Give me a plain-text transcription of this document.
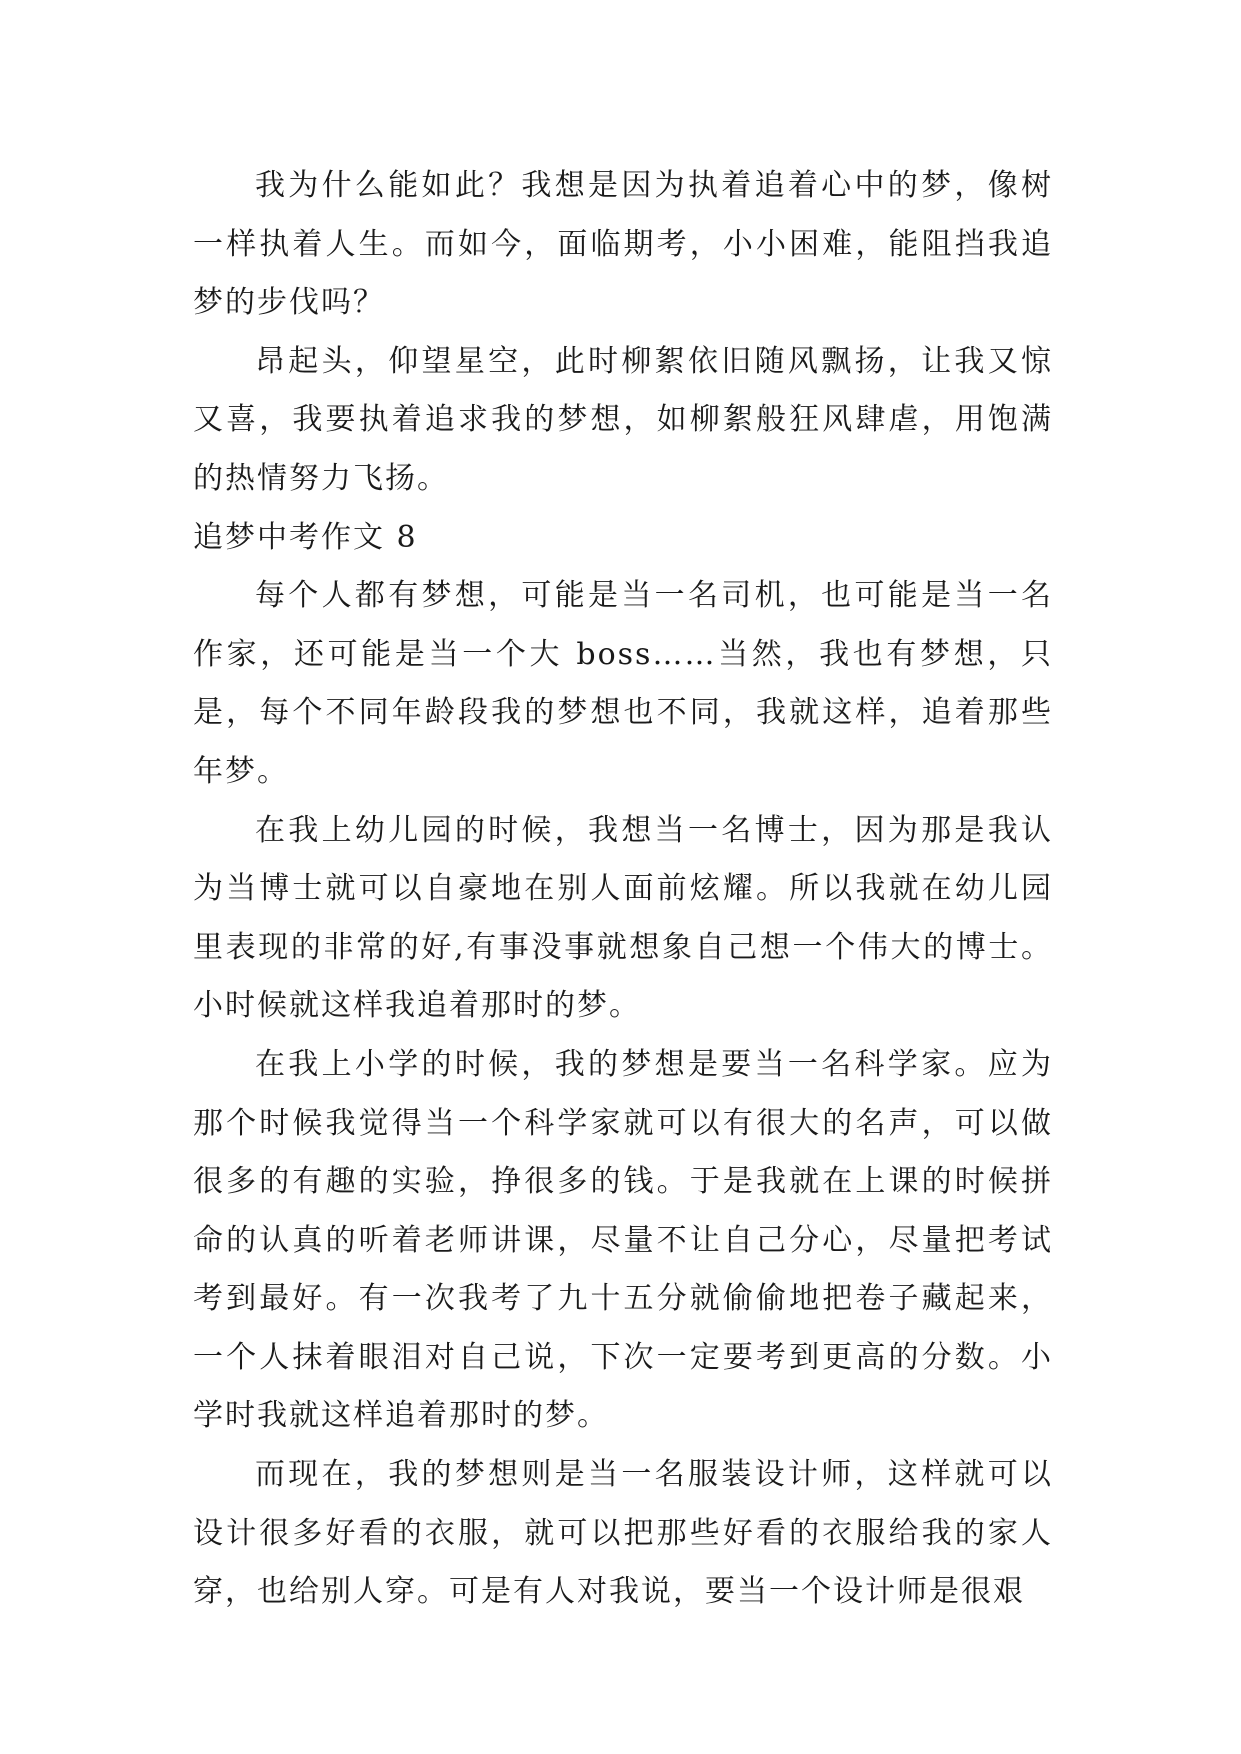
我为什么能如此？我想是因为执着追着心中的梦，像树一样执着人生。而如今，面临期考，小小困难，能阻挡我追梦的步伐吗？

昂起头，仰望星空，此时柳絮依旧随风飘扬，让我又惊又喜，我要执着追求我的梦想，如柳絮般狂风肆虐，用饱满的热情努力飞扬。

追梦中考作文 8

每个人都有梦想，可能是当一名司机，也可能是当一名作家，还可能是当一个大 boss……当然，我也有梦想，只是，每个不同年龄段我的梦想也不同，我就这样，追着那些年梦。

在我上幼儿园的时候，我想当一名博士，因为那是我认为当博士就可以自豪地在别人面前炫耀。所以我就在幼儿园里表现的非常的好,有事没事就想象自己想一个伟大的博士。小时候就这样我追着那时的梦。

在我上小学的时候，我的梦想是要当一名科学家。应为那个时候我觉得当一个科学家就可以有很大的名声，可以做很多的有趣的实验，挣很多的钱。于是我就在上课的时候拼命的认真的听着老师讲课，尽量不让自己分心，尽量把考试考到最好。有一次我考了九十五分就偷偷地把卷子藏起来，一个人抹着眼泪对自己说，下次一定要考到更高的分数。小学时我就这样追着那时的梦。

而现在，我的梦想则是当一名服装设计师，这样就可以设计很多好看的衣服，就可以把那些好看的衣服给我的家人穿，也给别人穿。可是有人对我说，要当一个设计师是很艰
